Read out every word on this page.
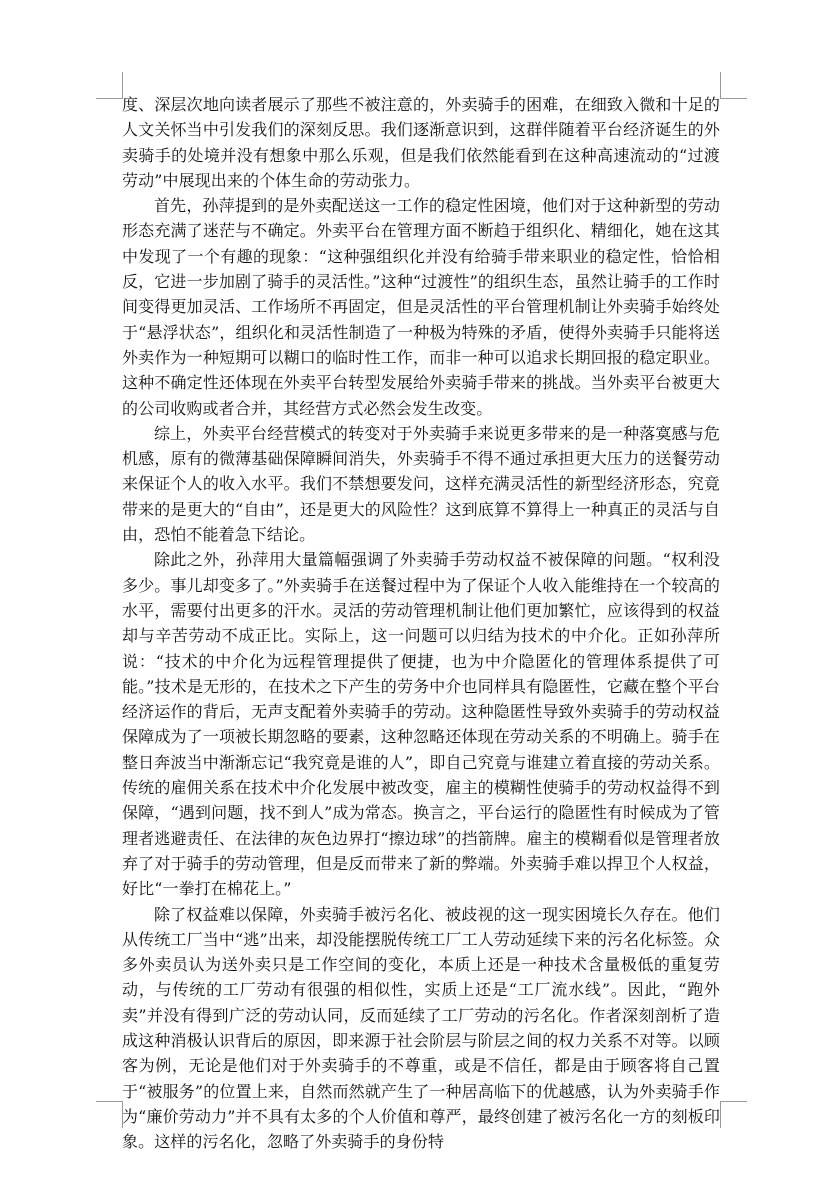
度、深层次地向读者展示了那些不被注意的，外卖骑手的困难，在细致入微和十足的人文关怀当中引发我们的深刻反思。我们逐渐意识到，这群伴随着平台经济诞生的外卖骑手的处境并没有想象中那么乐观，但是我们依然能看到在这种高速流动的“过渡劳动”中展现出来的个体生命的劳动张力。

首先，孙萍提到的是外卖配送这一工作的稳定性困境，他们对于这种新型的劳动形态充满了迷茫与不确定。外卖平台在管理方面不断趋于组织化、精细化，她在这其中发现了一个有趣的现象：“这种强组织化并没有给骑手带来职业的稳定性，恰恰相反，它进一步加剧了骑手的灵活性。”这种“过渡性”的组织生态，虽然让骑手的工作时间变得更加灵活、工作场所不再固定，但是灵活性的平台管理机制让外卖骑手始终处于“悬浮状态”，组织化和灵活性制造了一种极为特殊的矛盾，使得外卖骑手只能将送外卖作为一种短期可以糊口的临时性工作，而非一种可以追求长期回报的稳定职业。这种不确定性还体现在外卖平台转型发展给外卖骑手带来的挑战。当外卖平台被更大的公司收购或者合并，其经营方式必然会发生改变。

综上，外卖平台经营模式的转变对于外卖骑手来说更多带来的是一种落寞感与危机感，原有的微薄基础保障瞬间消失，外卖骑手不得不通过承担更大压力的送餐劳动来保证个人的收入水平。我们不禁想要发问，这样充满灵活性的新型经济形态，究竟带来的是更大的“自由”，还是更大的风险性？这到底算不算得上一种真正的灵活与自由，恐怕不能着急下结论。

除此之外，孙萍用大量篇幅强调了外卖骑手劳动权益不被保障的问题。“权利没多少。事儿却变多了。”外卖骑手在送餐过程中为了保证个人收入能维持在一个较高的水平，需要付出更多的汗水。灵活的劳动管理机制让他们更加繁忙，应该得到的权益却与辛苦劳动不成正比。实际上，这一问题可以归结为技术的中介化。正如孙萍所说：“技术的中介化为远程管理提供了便捷，也为中介隐匿化的管理体系提供了可能。”技术是无形的，在技术之下产生的劳务中介也同样具有隐匿性，它藏在整个平台经济运作的背后，无声支配着外卖骑手的劳动。这种隐匿性导致外卖骑手的劳动权益保障成为了一项被长期忽略的要素，这种忽略还体现在劳动关系的不明确上。骑手在整日奔波当中渐渐忘记“我究竟是谁的人”，即自己究竟与谁建立着直接的劳动关系。传统的雇佣关系在技术中介化发展中被改变，雇主的模糊性使骑手的劳动权益得不到保障，“遇到问题，找不到人”成为常态。换言之，平台运行的隐匿性有时候成为了管理者逃避责任、在法律的灰色边界打“擦边球”的挡箭牌。雇主的模糊看似是管理者放弃了对于骑手的劳动管理，但是反而带来了新的弊端。外卖骑手难以捍卫个人权益，好比“一拳打在棉花上。”

除了权益难以保障，外卖骑手被污名化、被歧视的这一现实困境长久存在。他们从传统工厂当中“逃”出来，却没能摆脱传统工厂工人劳动延续下来的污名化标签。众多外卖员认为送外卖只是工作空间的变化，本质上还是一种技术含量极低的重复劳动，与传统的工厂劳动有很强的相似性，实质上还是“工厂流水线”。因此，“跑外卖”并没有得到广泛的劳动认同，反而延续了工厂劳动的污名化。作者深刻剖析了造成这种消极认识背后的原因，即来源于社会阶层与阶层之间的权力关系不对等。以顾客为例，无论是他们对于外卖骑手的不尊重，或是不信任，都是由于顾客将自己置于“被服务”的位置上来，自然而然就产生了一种居高临下的优越感，认为外卖骑手作为“廉价劳动力”并不具有太多的个人价值和尊严，最终创建了被污名化一方的刻板印象。这样的污名化，忽略了外卖骑手的身份特
